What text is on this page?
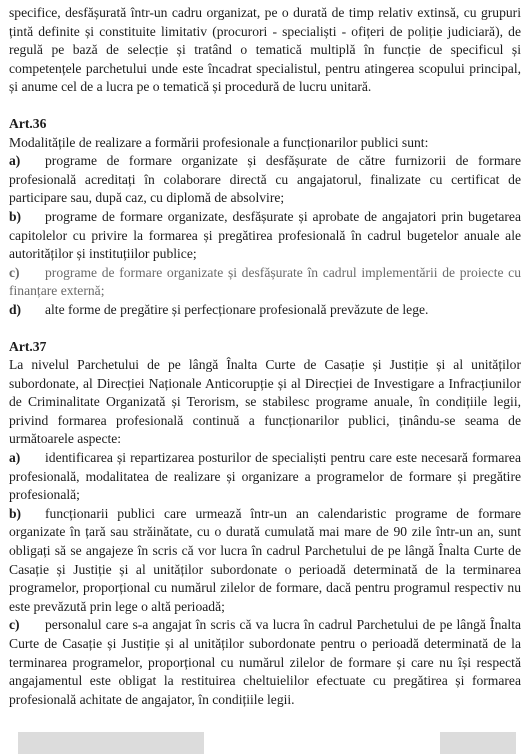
specifice, desfășurată într-un cadru organizat, pe o durată de timp relativ extinsă, cu grupuri țintă definite și constituite limitativ (procurori - specialiști - ofițeri de poliție judiciară), de regulă pe bază de selecție și tratând o tematică multiplă în funcție de specificul și competențele parchetului unde este încadrat specialistul, pentru atingerea scopului principal, și anume cel de a lucra pe o tematică și procedură de lucru unitară.

Art.36

Modalitățile de realizare a formării profesionale a funcționarilor publici sunt:

a) programe de formare organizate și desfășurate de către furnizorii de formare profesională acreditați în colaborare directă cu angajatorul, finalizate cu certificat de participare sau, după caz, cu diplomă de absolvire;

b) programe de formare organizate, desfășurate și aprobate de angajatori prin bugetarea capitolelor cu privire la formarea și pregătirea profesională în cadrul bugetelor anuale ale autorităților și instituțiilor publice;

c) programe de formare organizate și desfășurate în cadrul implementării de proiecte cu finanțare externă;

d) alte forme de pregătire și perfecționare profesională prevăzute de lege.

Art.37

La nivelul Parchetului de pe lângă Înalta Curte de Casație și Justiție și al unităților subordonate, al Direcției Naționale Anticorupție și al Direcției de Investigare a Infracțiunilor de Criminalitate Organizată și Terorism, se stabilesc programe anuale, în condițiile legii, privind formarea profesională continuă a funcționarilor publici, ținându-se seama de următoarele aspecte:

a) identificarea și repartizarea posturilor de specialiști pentru care este necesară formarea profesională, modalitatea de realizare și organizare a programelor de formare și pregătire profesională;

b) funcționarii publici care urmează într-un an calendaristic programe de formare organizate în țară sau străinătate, cu o durată cumulată mai mare de 90 zile într-un an, sunt obligați să se angajeze în scris că vor lucra în cadrul Parchetului de pe lângă Înalta Curte de Casație și Justiție și al unităților subordonate o perioadă determinată de la terminarea programelor, proporțional cu numărul zilelor de formare, dacă pentru programul respectiv nu este prevăzută prin lege o altă perioadă;

c) personalul care s-a angajat în scris că va lucra în cadrul Parchetului de pe lângă Înalta Curte de Casație și Justiție și al unităților subordonate pentru o perioadă determinată de la terminarea programelor, proporțional cu numărul zilelor de formare și care nu își respectă angajamentul este obligat la restituirea cheltuielilor efectuate cu pregătirea și formarea profesională achitate de angajator, în condițiile legii.
